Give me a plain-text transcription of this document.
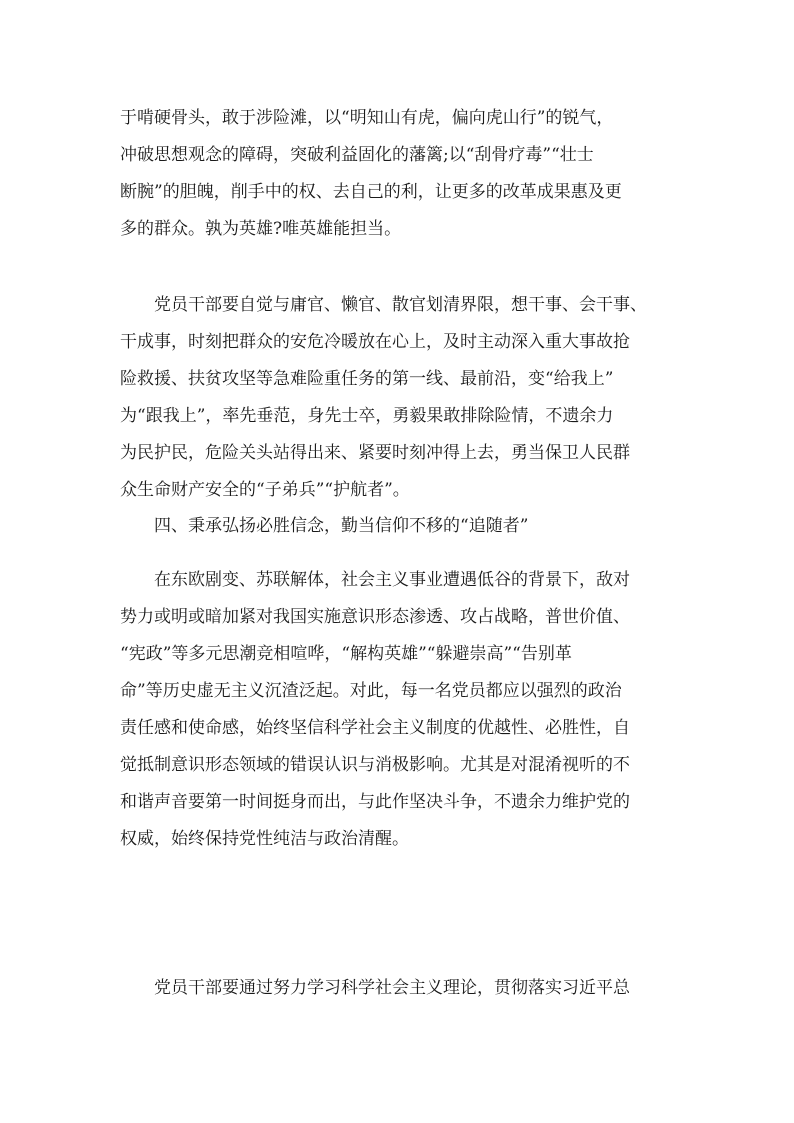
于啃硬骨头，敢于涉险滩，以“明知山有虎，偏向虎山行”的锐气，
冲破思想观念的障碍，突破利益固化的藩篱;以“刮骨疗毒”“壮士
断腕”的胆魄，削手中的权、去自己的利，让更多的改革成果惠及更
多的群众。孰为英雄?唯英雄能担当。
　　党员干部要自觉与庸官、懒官、散官划清界限，想干事、会干事、
干成事，时刻把群众的安危冷暖放在心上，及时主动深入重大事故抢
险救援、扶贫攻坚等急难险重任务的第一线、最前沿，变“给我上”
为“跟我上”，率先垂范，身先士卒，勇毅果敢排除险情，不遗余力
为民护民，危险关头站得出来、紧要时刻冲得上去，勇当保卫人民群
众生命财产安全的“子弟兵”“护航者”。
　　四、秉承弘扬必胜信念，勤当信仰不移的“追随者”
　　在东欧剧变、苏联解体，社会主义事业遭遇低谷的背景下，敌对
势力或明或暗加紧对我国实施意识形态渗透、攻占战略，普世价值、
“宪政”等多元思潮竞相喧哗，“解构英雄”“躲避崇高”“告别革
命”等历史虚无主义沉渣泛起。对此，每一名党员都应以强烈的政治
责任感和使命感，始终坚信科学社会主义制度的优越性、必胜性，自
觉抵制意识形态领域的错误认识与消极影响。尤其是对混淆视听的不
和谐声音要第一时间挺身而出，与此作坚决斗争，不遗余力维护党的
权威，始终保持党性纯洁与政治清醒。
　　党员干部要通过努力学习科学社会主义理论，贯彻落实习近平总
